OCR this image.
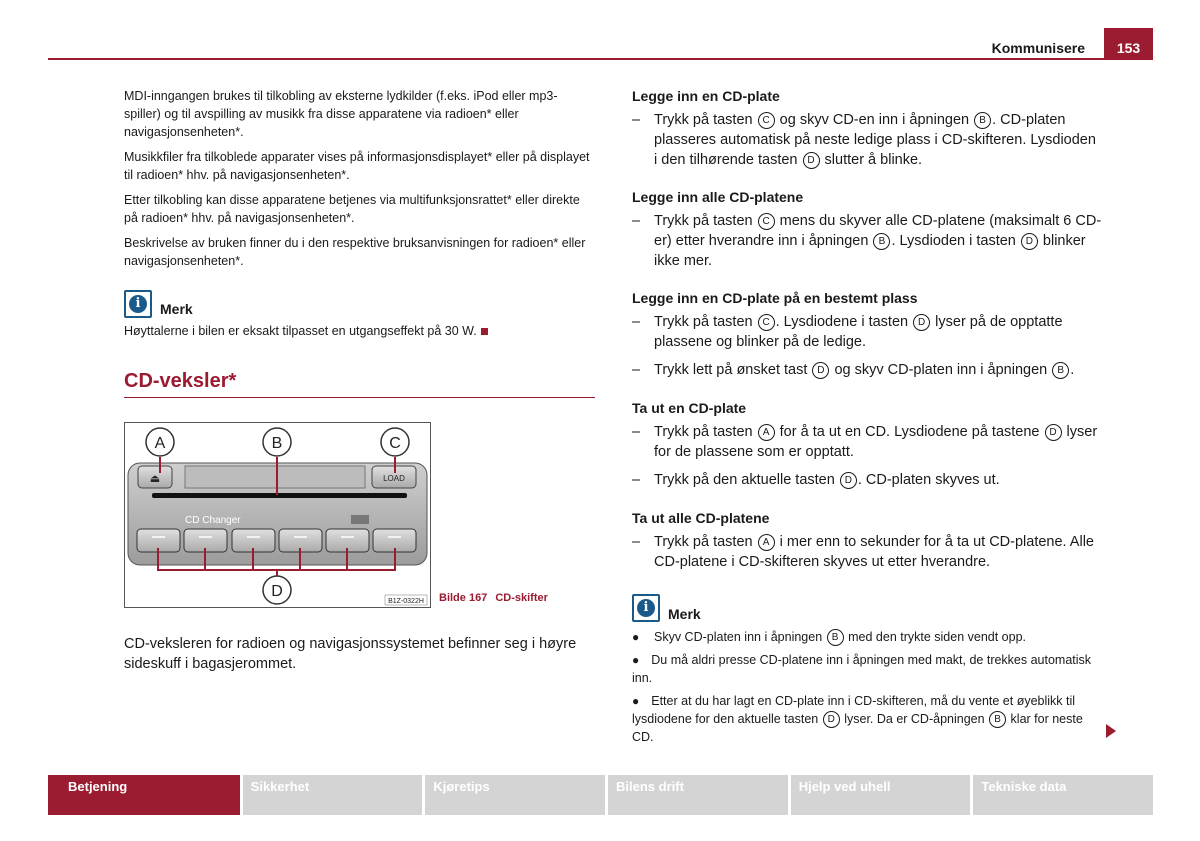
Kommunisere	153

MDI-inngangen brukes til tilkobling av eksterne lydkilder (f.eks. iPod eller mp3-spiller) og til avspilling av musikk fra disse apparatene via radioen* eller navigasjonsenheten*.

Musikkfiler fra tilkoblede apparater vises på informasjonsdisplayet* eller på displayet til radioen* hhv. på navigasjonsenheten*.

Etter tilkobling kan disse apparatene betjenes via multifunksjonsrattet* eller direkte på radioen* hhv. på navigasjonsenheten*.

Beskrivelse av bruken finner du i den respektive bruksanvisningen for radioen* eller navigasjonsenheten*.

i	Merk

Høyttalerne i bilen er eksakt tilpasset en utgangseffekt på 30 W.

CD-veksler*
⏏	LOAD
CD Changer
A	B	C
D
B1Z-0322H Bilde 167 CD-skifter
CD-veksleren for radioen og navigasjonssystemet befinner seg i høyre sideskuff i bagasjerommet.
Legge inn en CD-plate
– Trykk på tasten C og skyv CD-en inn i åpningen B . CD-platen plasseres automatisk på neste ledige plass i CD-skifteren. Lysdioden i den tilhørende tasten D slutter å blinke.
Legge inn alle CD-platene
– Trykk på tasten C mens du skyver alle CD-platene (maksimalt 6 CD-er) etter hverandre inn i åpningen B . Lysdioden i tasten D blinker ikke mer.
Legge inn en CD-plate på en bestemt plass
– Trykk på tasten C . Lysdiodene i tasten D lyser på de opptatte plassene og blinker på de ledige.
– Trykk lett på ønsket tast D og skyv CD-platen inn i åpningen B .
Ta ut en CD-plate
– Trykk på tasten A for å ta ut en CD. Lysdiodene på tastene D lyser for de plassene som er opptatt.
– Trykk på den aktuelle tasten D . CD-platen skyves ut.
Ta ut alle CD-platene
– Trykk på tasten A i mer enn to sekunder for å ta ut CD-platene. Alle CD-platene i CD-skifteren skyves ut etter hverandre.
i	Merk
● Skyv CD-platen inn i åpningen B med den trykte siden vendt opp.
● Du må aldri presse CD-platene inn i åpningen med makt, de trekkes automatisk inn.
● Etter at du har lagt en CD-plate inn i CD-skifteren, må du vente et øyeblikk til lysdiodene for den aktuelle tasten D lyser. Da er CD-åpningen B klar for neste CD.
Betjening	Sikkerhet	Kjøretips	Bilens drift	Hjelp ved uhell	Tekniske data
